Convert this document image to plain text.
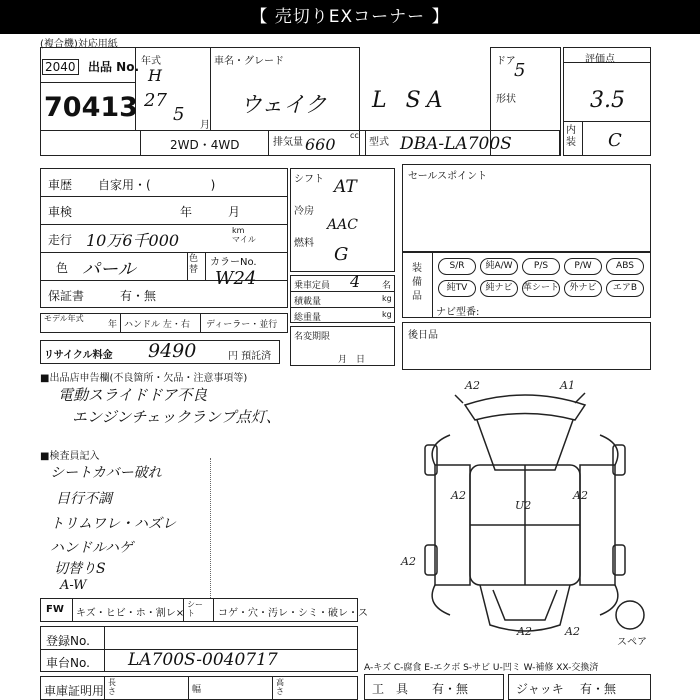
【 売切りEXコーナー 】
(複合機)対応用紙
2040 出品 No.
70413
年式
H
27
5
月
車名・グレード
ウェイク L SA
ドア
5
形状
評価点
3.5
内装 C
2WD・4WD	排気量 660 cc
型式 DBA-LA700S
車歴 自家用・(　　　　　)
車検	年　　　月
走行 10万6千000
km
マイル
色 パール	色替
カラーNo.
W24
保証書	有・無
モデル年式
年 ハンドル 左・右 ディーラー・並行
リサイクル料金 9490	円 預託済
シフト AT
冷房
AAC
燃料
G
乗車定員 4 名
積載量	kg
総重量	kg
名変期限
月　日
セールスポイント
装備品
S/R	純A/W	P/S	P/W	ABS
純TV	純ナビ	革シート	外ナビ	エアB
ナビ型番:
後日品
■出品店申告欄(不良箇所・欠品・注意事項等)
電動スライドドア不良
エンジンチェックランプ点灯、
■検査員記入
シートカバー破れ
目行不調
トリムワレ・ハズレ
ハンドルハゲ
切替りS
A-W
A2	A1
A2	A2
U2
A2
A2	A2
スペア
FW キズ・ヒビ・ホ・割レ×
シート	コゲ・穴・汚レ・シミ・破レ・ス
登録No.
車台No. LA700S-0040717	A-キズ C-腐食 E-エクボ S-サビ U-凹ミ W-補修 XX-交換済
車庫証明用
長さ	幅
高さ	工　具 有・無	ジャッキ 有・無
